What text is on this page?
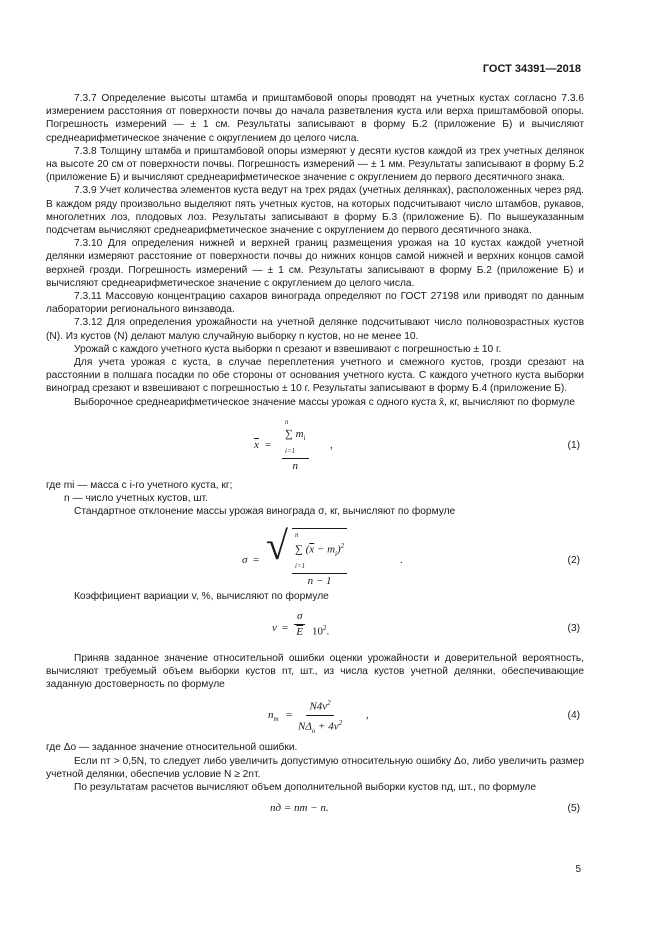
ГОСТ 34391—2018

7.3.7 Определение высоты штамба и приштамбовой опоры проводят на учетных кустах согласно 7.3.6 измерением расстояния от поверхности почвы до начала разветвления куста или верха приштамбовой опоры. Погрешность измерений — ± 1 см. Результаты записывают в форму Б.2 (приложение Б) и вычисляют среднеарифметическое значение с округлением до целого числа.

7.3.8 Толщину штамба и приштамбовой опоры измеряют у десяти кустов каждой из трех учетных делянок на высоте 20 см от поверхности почвы. Погрешность измерений — ± 1 мм. Результаты записывают в форму Б.2 (приложение Б) и вычисляют среднеарифметическое значение с округлением до первого десятичного знака.

7.3.9 Учет количества элементов куста ведут на трех рядах (учетных делянках), расположенных через ряд. В каждом ряду произвольно выделяют пять учетных кустов, на которых подсчитывают число штамбов, рукавов, многолетних лоз, плодовых лоз. Результаты записывают в форму Б.3 (приложение Б). По вышеуказанным подсчетам вычисляют среднеарифметическое значение с округлением до первого десятичного знака.

7.3.10 Для определения нижней и верхней границ размещения урожая на 10 кустах каждой учетной делянки измеряют расстояние от поверхности почвы до нижних концов самой нижней и верхних концов самой верхней грозди. Погрешность измерений — ± 1 см. Результаты записывают в форму Б.2 (приложение Б) и вычисляют среднеарифметическое значение с округлением до целого числа.

7.3.11 Массовую концентрацию сахаров винограда определяют по ГОСТ 27198 или приводят по данным лаборатории регионального винзавода.

7.3.12 Для определения урожайности на учетной делянке подсчитывают число полновозрастных кустов (N). Из кустов (N) делают малую случайную выборку n кустов, но не менее 10.

Урожай с каждого учетного куста выборки n срезают и взвешивают с погрешностью ± 10 г.

Для учета урожая с куста, в случае переплетения учетного и смежного кустов, грозди срезают на расстоянии в полшага посадки по обе стороны от основания учетного куста. С каждого учетного куста выборки виноград срезают и взвешивают с погрешностью ± 10 г. Результаты записывают в форму Б.4 (приложение Б).

Выборочное среднеарифметическое значение массы урожая с одного куста x̄, кг, вычисляют по формуле

$\overline{x}$ =
n
∑ $m_i$
i=1
n
,	(1)

где mi — масса с i-го учетного куста, кг;

n — число учетных кустов, шт.

Стандартное отклонение массы урожая винограда σ, кг, вычисляют по формуле

σ = √	n
∑ $(\overline{x} - m_i)^2$
i=1
n − 1
.	(2)

Коэффициент вариации v, %, вычисляют по формуле

$v = \frac{\sigma}{E} 10^2$.	(3)

Приняв заданное значение относительной ошибки оценки урожайности и доверительной вероятность, вычисляют требуемый объем выборки кустов nт, шт., из числа кустов учетной делянки, обеспечивающие заданную достоверность по формуле

$n_т$ =
$N4v^2$
$N\Delta_о + 4v^2$
,	(4)

где Δо — заданное значение относительной ошибки.

Если nт > 0,5N, то следует либо увеличить допустимую относительную ошибку Δо, либо увеличить размер учетной делянки, обеспечив условие N ≥ 2nт.

По результатам расчетов вычисляют объем дополнительной выборки кустов nд, шт., по формуле

nд = nт − n.	(5)
5
